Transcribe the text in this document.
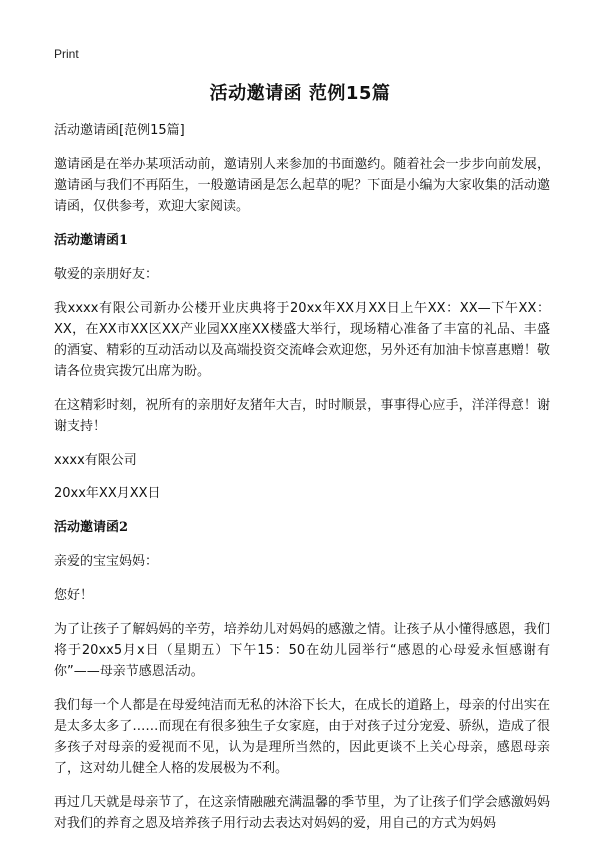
Print
活动邀请函 范例15篇

活动邀请函[范例15篇]

邀请函是在举办某项活动前，邀请别人来参加的书面邀约。随着社会一步步向前发展，邀请函与我们不再陌生，一般邀请函是怎么起草的呢？下面是小编为大家收集的活动邀请函，仅供参考，欢迎大家阅读。

活动邀请函1

敬爱的亲朋好友：

我xxxx有限公司新办公楼开业庆典将于20xx年XX月XX日上午XX：XX—下午XX：XX，在XX市XX区XX产业园XX座XX楼盛大举行，现场精心准备了丰富的礼品、丰盛的酒宴、精彩的互动活动以及高端投资交流峰会欢迎您，另外还有加油卡惊喜惠赠！敬请各位贵宾拨冗出席为盼。

在这精彩时刻，祝所有的亲朋好友猪年大吉，时时顺景，事事得心应手，洋洋得意！谢谢支持！

xxxx有限公司

20xx年XX月XX日

活动邀请函2

亲爱的宝宝妈妈：

您好！

为了让孩子了解妈妈的辛劳，培养幼儿对妈妈的感激之情。让孩子从小懂得感恩，我们将于20xx5月x日（星期五）下午15：50在幼儿园举行“感恩的心母爱永恒感谢有你”——母亲节感恩活动。

我们每一个人都是在母爱纯洁而无私的沐浴下长大，在成长的道路上，母亲的付出实在是太多太多了……而现在有很多独生子女家庭，由于对孩子过分宠爱、骄纵，造成了很多孩子对母亲的爱视而不见，认为是理所当然的，因此更谈不上关心母亲，感恩母亲了，这对幼儿健全人格的发展极为不利。

再过几天就是母亲节了，在这亲情融融充满温馨的季节里，为了让孩子们学会感激妈妈对我们的养育之恩及培养孩子用行动去表达对妈妈的爱，用自己的方式为妈妈
